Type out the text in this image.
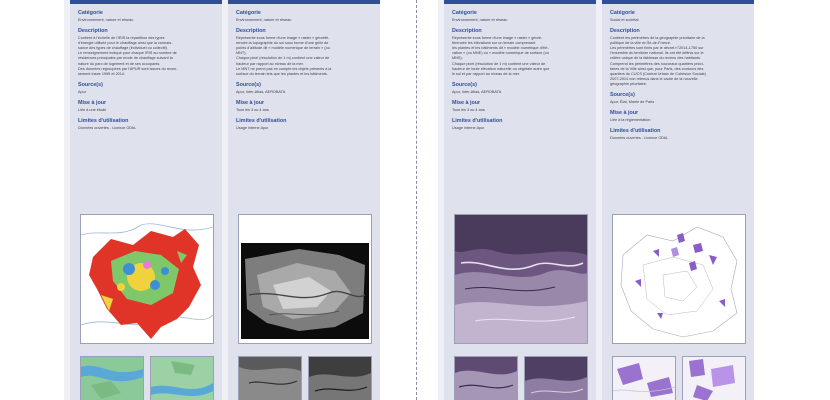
Catégorie
Environnement, nature et réseau
Description
Contient à l'échelle de l'IRIS la répartition des types
d'énergie utilisée pour le chauffage ainsi que la connais-
sance des types de chauffage (individuel ou collectif).
Le renseignement indiqué pour chaque IRIS au nombre de
résidences principales par mode de chauffage suivant la
nature du parc de logement et de ses occupants.
Des données regroupées par l'APUR sont issues du recen-
sement Insee 1999 et 2014.
Source(s)
Apur
Mise à jour
Liée à une étude
Limites d'utilisation
Données ouvertes - Licence ODbL
Catégorie
Environnement, nature et réseau
Description
Représente sous forme d'une image « raster » géoréfé-
rencée la topographie du sol sous forme d'une grille de
points d'altitude dit « modèle numérique de terrain » (ou
MNT).
Chaque pixel (résolution de 1 m) contient une valeur de
hauteur par rapport au niveau de la mer.
Le MNT ne prend pas en compte les objets présents à la
surface du terrain tels que les plantes et les bâtiments.
Source(s)
Apur, Inter-Atlas, AEROBATA
Mise à jour
Tous les 3 ou 4 ans
Limites d'utilisation
Usage interne Apur
Catégorie
Environnement, nature et réseau
Description
Représente sous forme d'une image « raster » géoré-
férencée les élévations sur un terrain comprenant
les plantes et les bâtiments dit « modèle numérique d'élé-
vation » (ou MNE) ou « modèle numérique de surface (ou
MNS).
Chaque pixel (résolution de 1 m) contient une valeur de
hauteur de toute élévation naturelle ou végétale autre que
le sol et par rapport au niveau de la mer.
Source(s)
Apur, Inter-Atlas, AEROBATA
Mise à jour
Tous les 3 ou 4 ans
Limites d'utilisation
Usage interne Apur
Catégorie
Social et sociétal
Description
Contient les périmètres de la géographie prioritaire de la
politique de la ville en Île-de-France.
Les périmètres sont fixés par le décret n°2014-1750 sur
l'ensemble du territoire national. Ils ont été définis sur le
critère unique de la faiblesse du revenu des habitants.
Comprend les périmètres des nouveaux quartiers priori-
taires de la Ville ainsi que, pour Paris, des contours des
quartiers du CUCS (Contrat Urbain de Cohésion Sociale)
2007-2014 non retenus dans le cadre de la nouvelle
géographie prioritaire.
Source(s)
Apur, État, Mairie de Paris
Mise à jour
Liée à la réglementation
Limites d'utilisation
Données ouvertes - Licence ODbL
